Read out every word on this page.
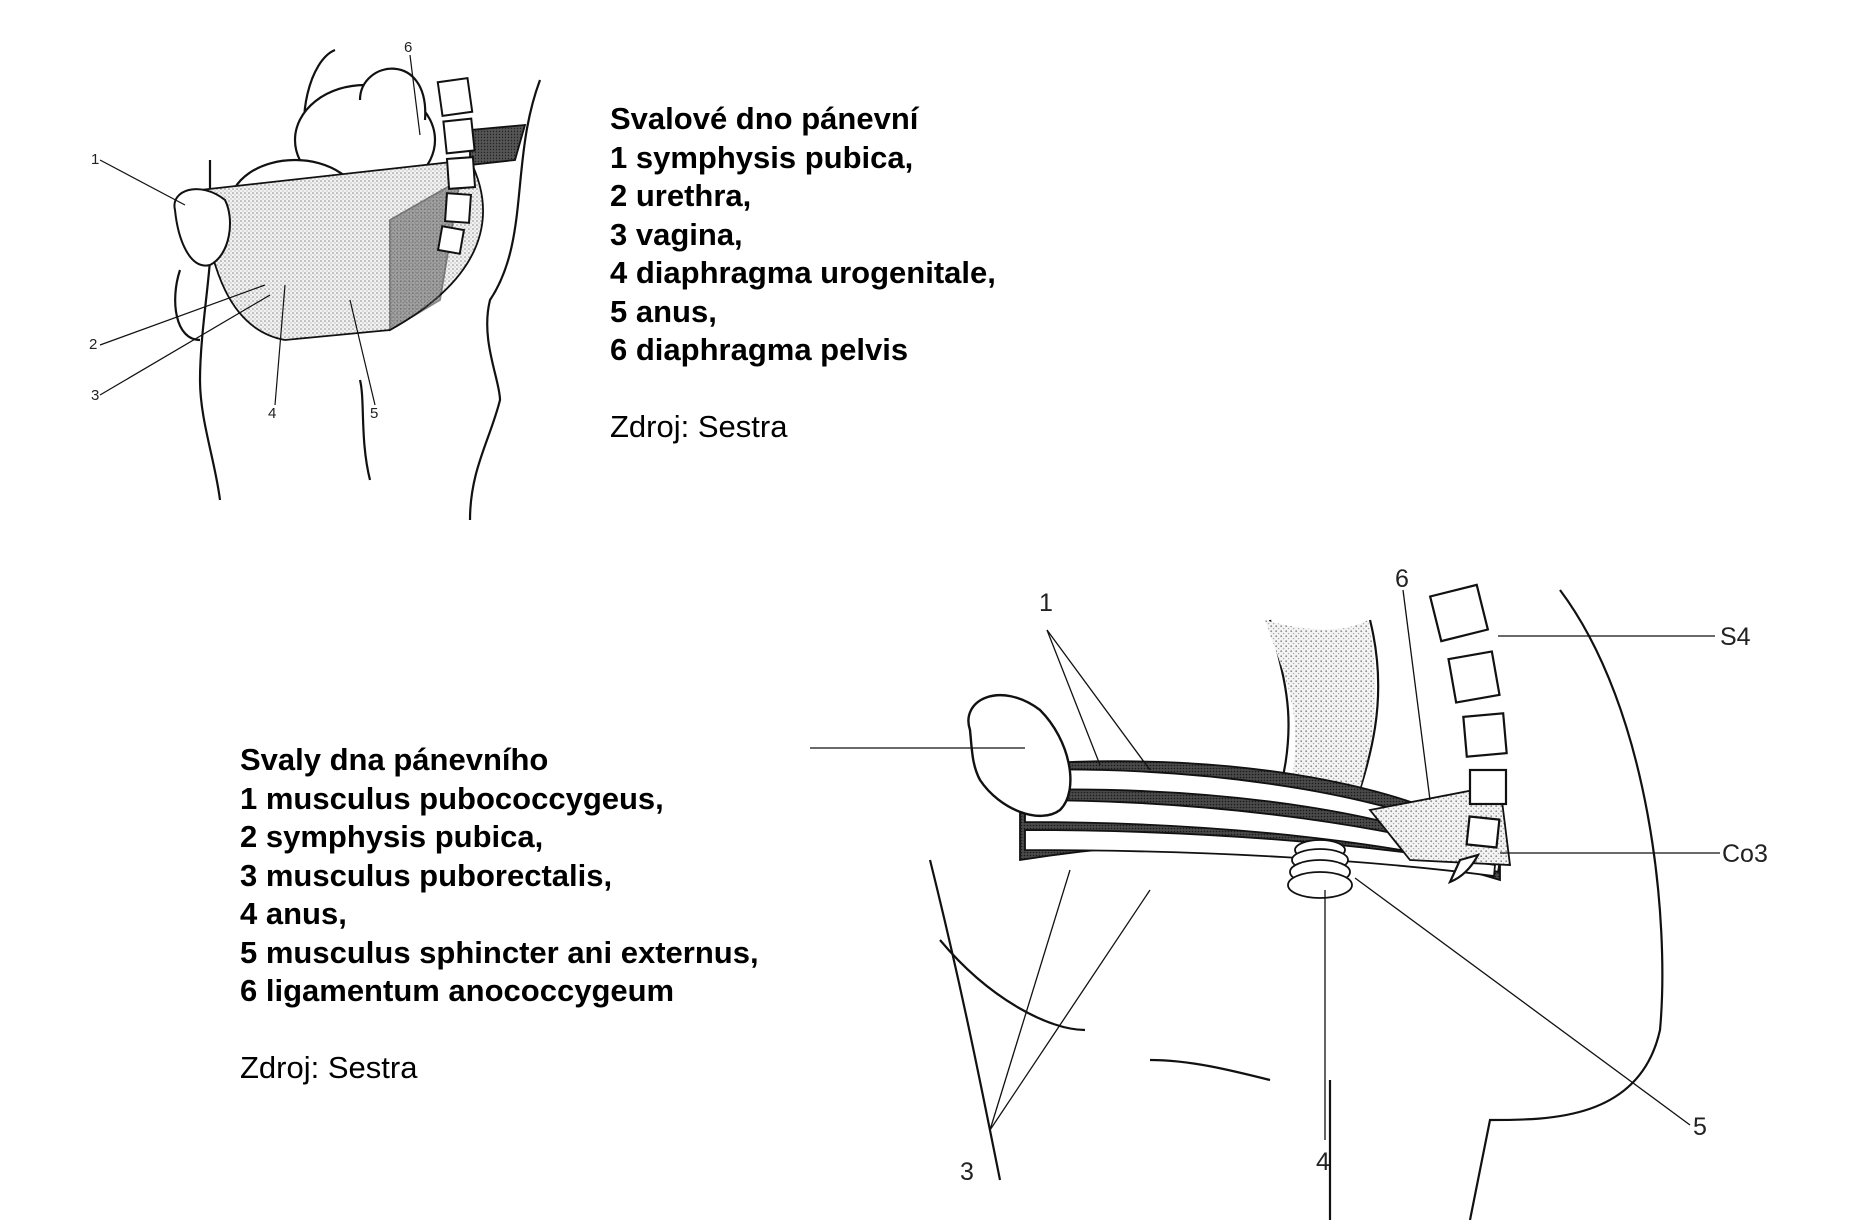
1
2
3
4	5
6
Svalové dno pánevní
1 symphysis pubica,
2 urethra,
3 vagina,
4 diaphragma urogenitale,
5 anus,
6 diaphragma pelvis
Zdroj: Sestra
Svaly dna pánevního
1 musculus pubococcygeus,
2 symphysis pubica,
3 musculus puborectalis,
4 anus,
5 musculus sphincter ani externus,
6 ligamentum anococcygeum
Zdroj: Sestra
1
3	4
5
6
S4
Co3
